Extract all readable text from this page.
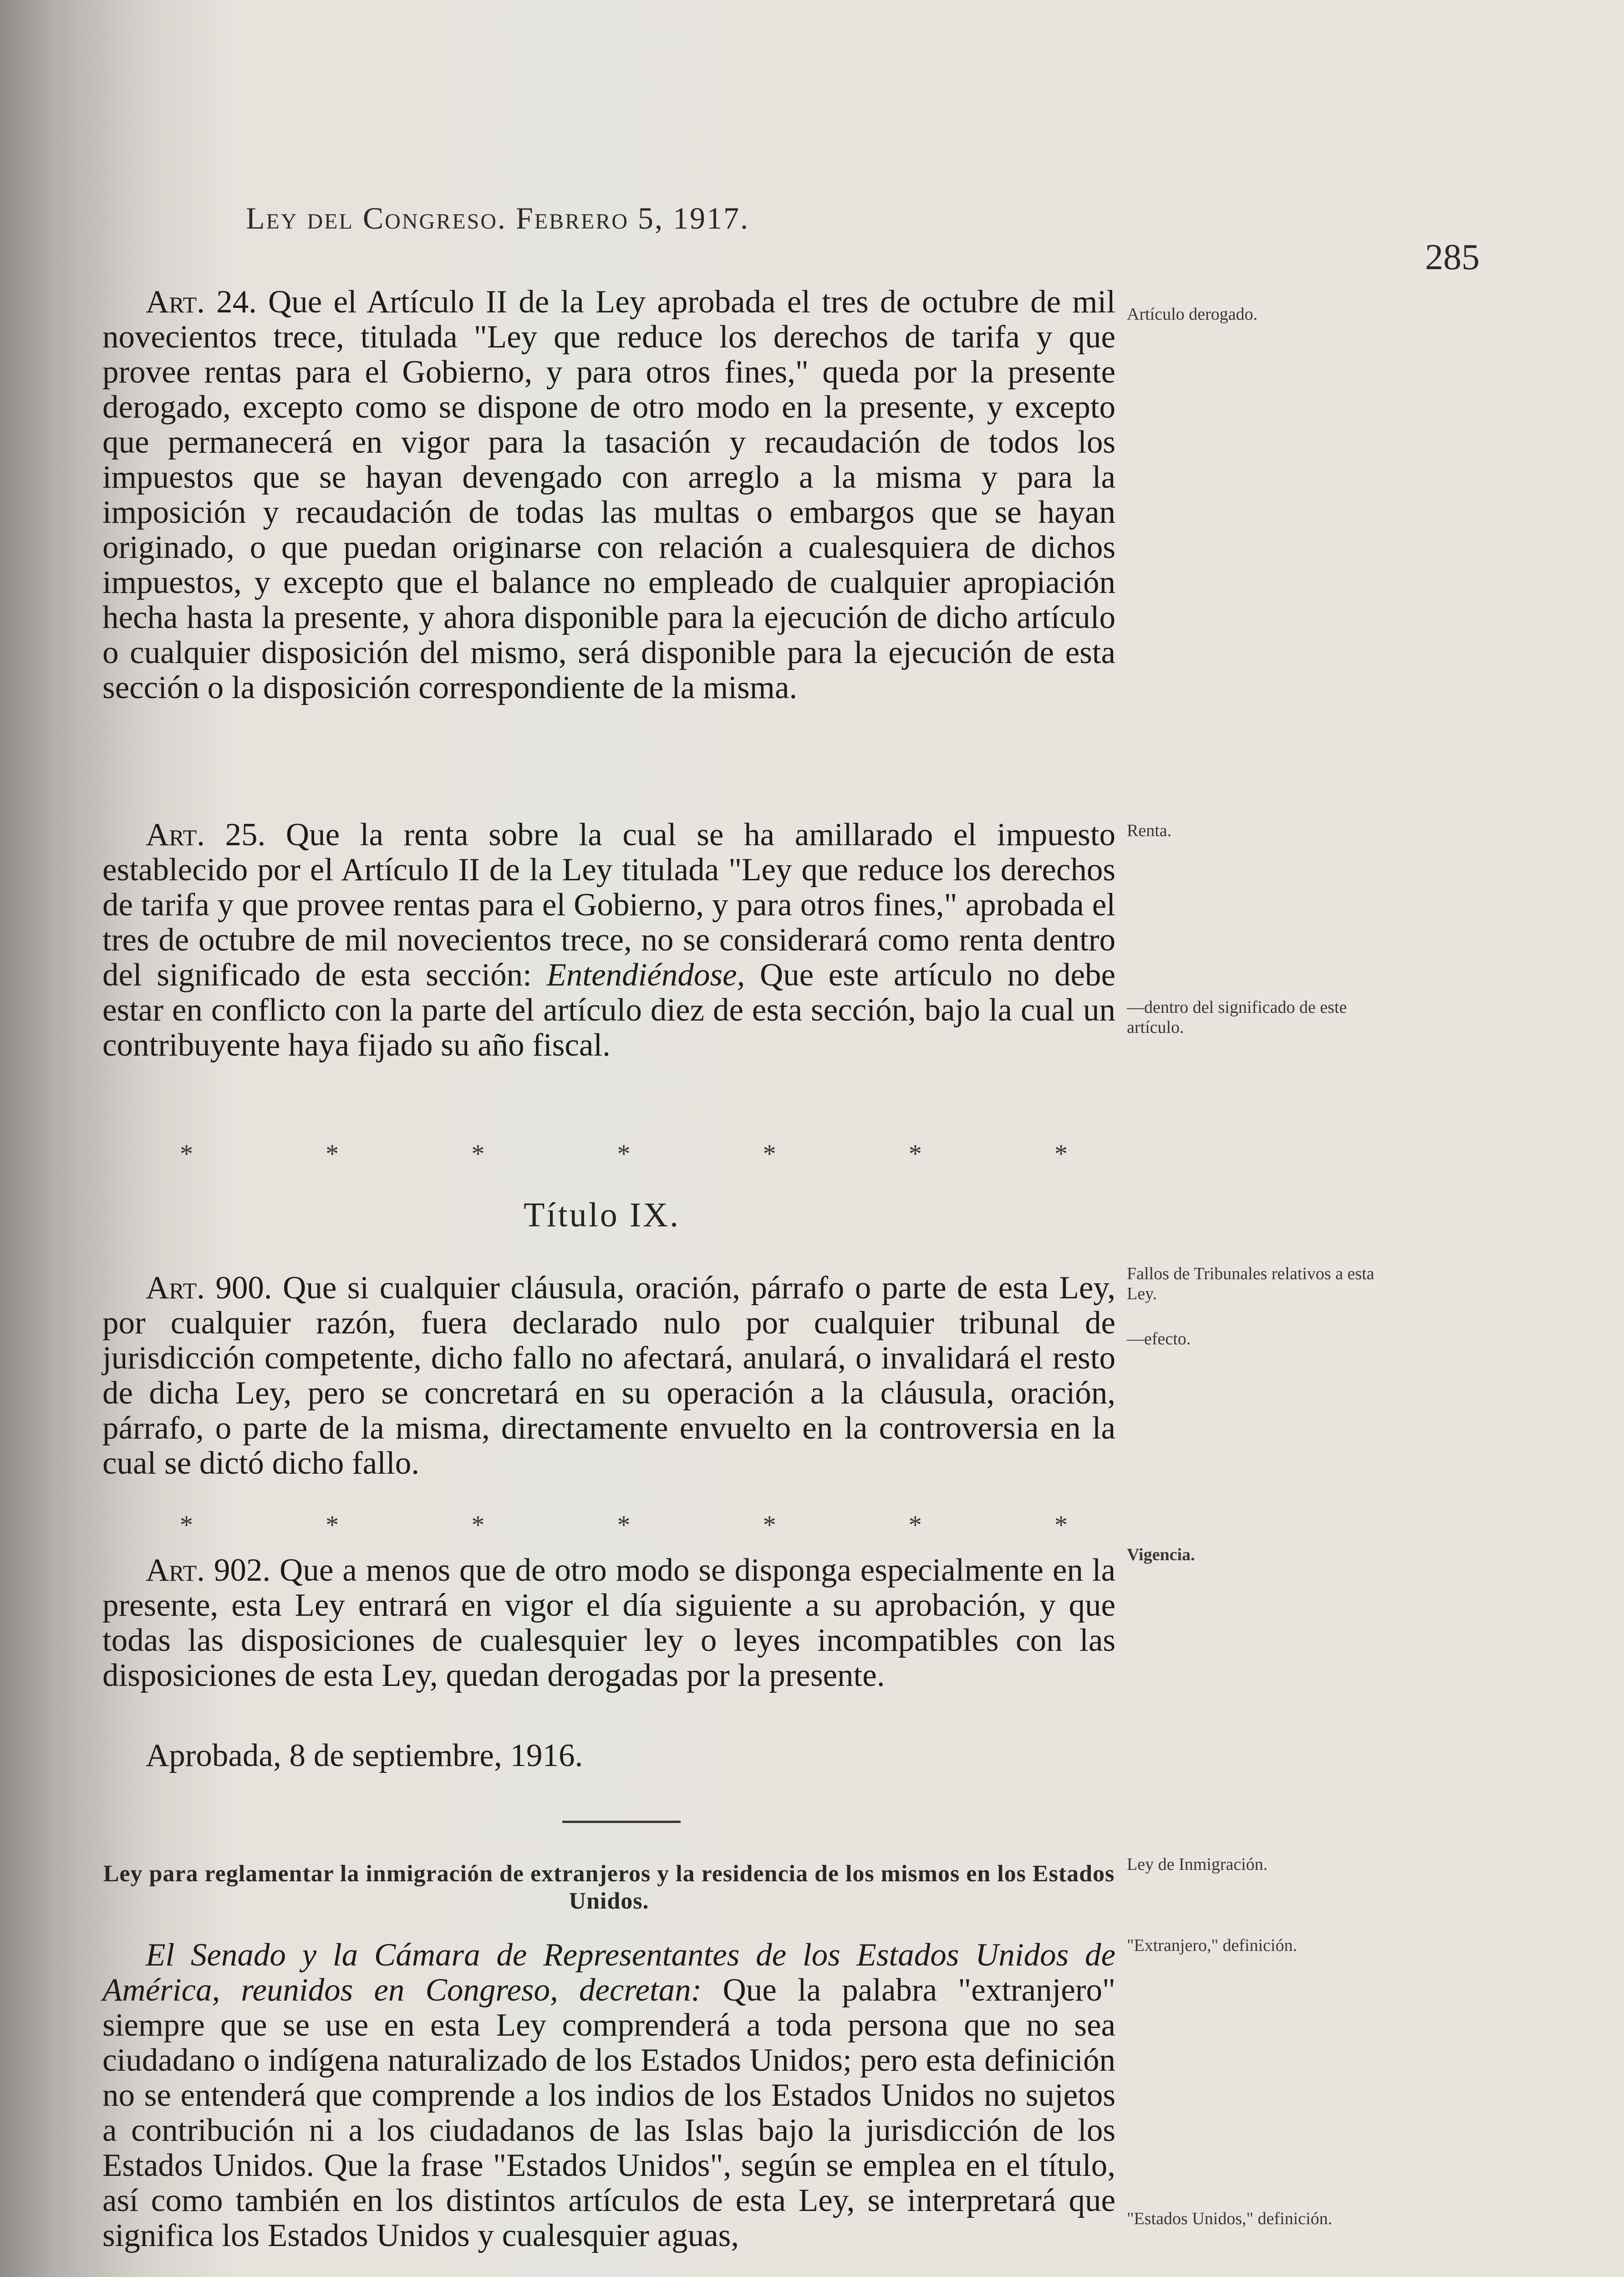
Ley del Congreso. Febrero 5, 1917.
285

Art. 24. Que el Artículo II de la Ley aprobada el tres de octubre de mil novecientos trece, titulada "Ley que reduce los derechos de tarifa y que provee rentas para el Gobierno, y para otros fines," queda por la presente derogado, excepto como se dispone de otro modo en la presente, y excepto que permanecerá en vigor para la tasación y recaudación de todos los impuestos que se hayan devengado con arreglo a la misma y para la imposición y recaudación de todas las multas o embargos que se hayan originado, o que puedan originarse con relación a cualesquiera de dichos impuestos, y excepto que el balance no empleado de cualquier apropiación hecha hasta la presente, y ahora disponible para la ejecución de dicho artículo o cualquier disposición del mismo, será disponible para la ejecución de esta sección o la disposición correspondiente de la misma.

Art. 25. Que la renta sobre la cual se ha amillarado el impuesto establecido por el Artículo II de la Ley titulada "Ley que reduce los derechos de tarifa y que provee rentas para el Gobierno, y para otros fines," aprobada el tres de octubre de mil novecientos trece, no se considerará como renta dentro del significado de esta sección: Entendiéndose, Que este artículo no debe estar en conflicto con la parte del artículo diez de esta sección, bajo la cual un contribuyente haya fijado su año fiscal.

*	*	*	*	*	*	*
Título IX.

Art. 900. Que si cualquier cláusula, oración, párrafo o parte de esta Ley, por cualquier razón, fuera declarado nulo por cualquier tribunal de jurisdicción competente, dicho fallo no afectará, anulará, o invalidará el resto de dicha Ley, pero se concretará en su operación a la cláusula, oración, párrafo, o parte de la misma, directamente envuelto en la controversia en la cual se dictó dicho fallo.

*	*	*	*	*	*	*

Art. 902. Que a menos que de otro modo se disponga especialmente en la presente, esta Ley entrará en vigor el día siguiente a su aprobación, y que todas las disposiciones de cualesquier ley o leyes incompatibles con las disposiciones de esta Ley, quedan derogadas por la presente.

Aprobada, 8 de septiembre, 1916.
Ley para reglamentar la inmigración de extranjeros y la residencia de los mismos en los Estados Unidos.

El Senado y la Cámara de Representantes de los Estados Unidos de América, reunidos en Congreso, decretan: Que la palabra "extranjero" siempre que se use en esta Ley comprenderá a toda persona que no sea ciudadano o indígena naturalizado de los Estados Unidos; pero esta definición no se entenderá que comprende a los indios de los Estados Unidos no sujetos a contribución ni a los ciudadanos de las Islas bajo la jurisdicción de los Estados Unidos. Que la frase "Estados Unidos", según se emplea en el título, así como también en los distintos artículos de esta Ley, se interpretará que significa los Estados Unidos y cualesquier aguas,

Artículo derogado.
Renta.
—dentro del significado de este artículo.
Fallos de Tribunales relativos a esta Ley.
—efecto.
Vigencia.
Ley de Inmigración.
"Extranjero," definición.
"Estados Unidos," definición.
